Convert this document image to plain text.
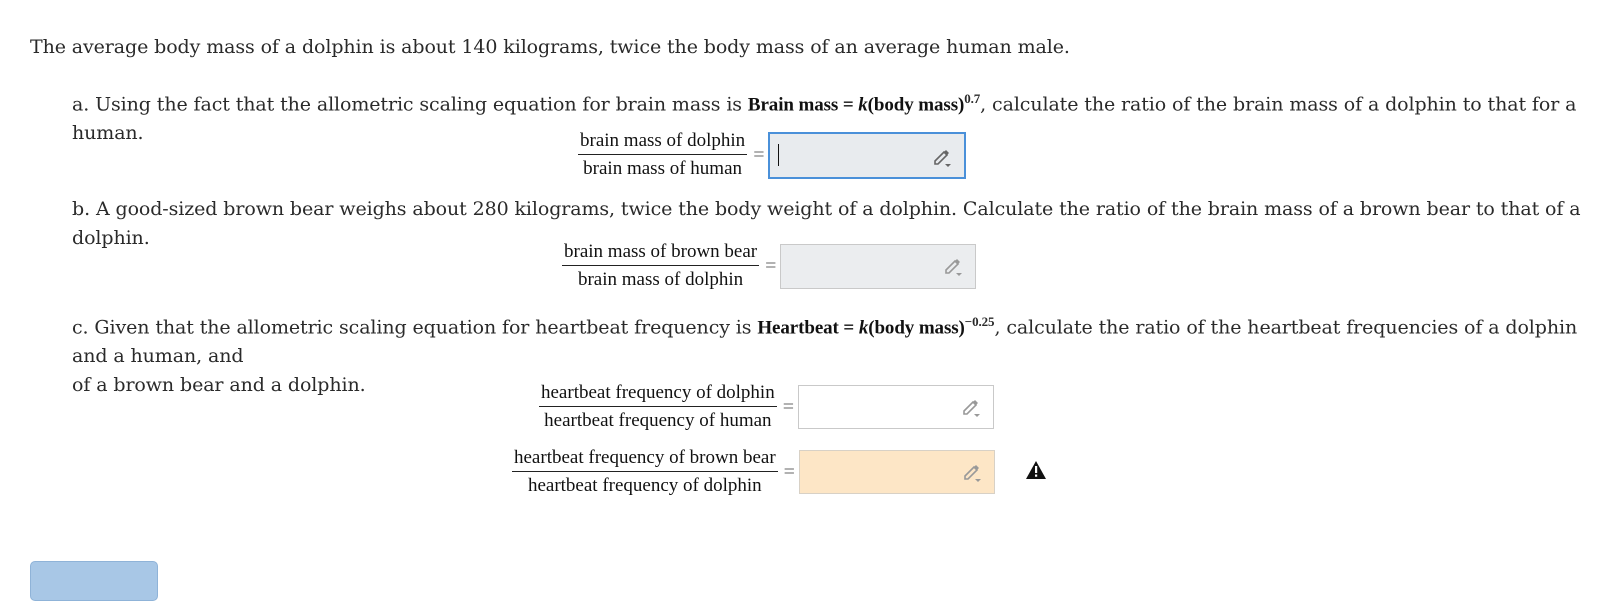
The average body mass of a dolphin is about 140 kilograms, twice the body mass of an average human male.
a. Using the fact that the allometric scaling equation for brain mass is Brain mass = k(body mass)$^{0.7}$, calculate the ratio of the brain mass of a dolphin to that for a human.	$\frac{\text{brain mass of dolphin}}{\text{brain mass of human}}$ =
b. A good-sized brown bear weighs about 280 kilograms, twice the body weight of a dolphin. Calculate the ratio of the brain mass of a brown bear to that of a dolphin.
$\frac{\text{brain mass of brown bear}}{\text{brain mass of dolphin}}$ =
c. Given that the allometric scaling equation for heartbeat frequency is Heartbeat = k(body mass)$^{-0.25}$, calculate the ratio of the heartbeat frequencies of a dolphin and a human, and
of a brown bear and a dolphin.	$\frac{\text{heartbeat frequency of dolphin}}{\text{heartbeat frequency of human}}$ =
$\frac{\text{heartbeat frequency of brown bear}}{\text{heartbeat frequency of dolphin}}$ =
